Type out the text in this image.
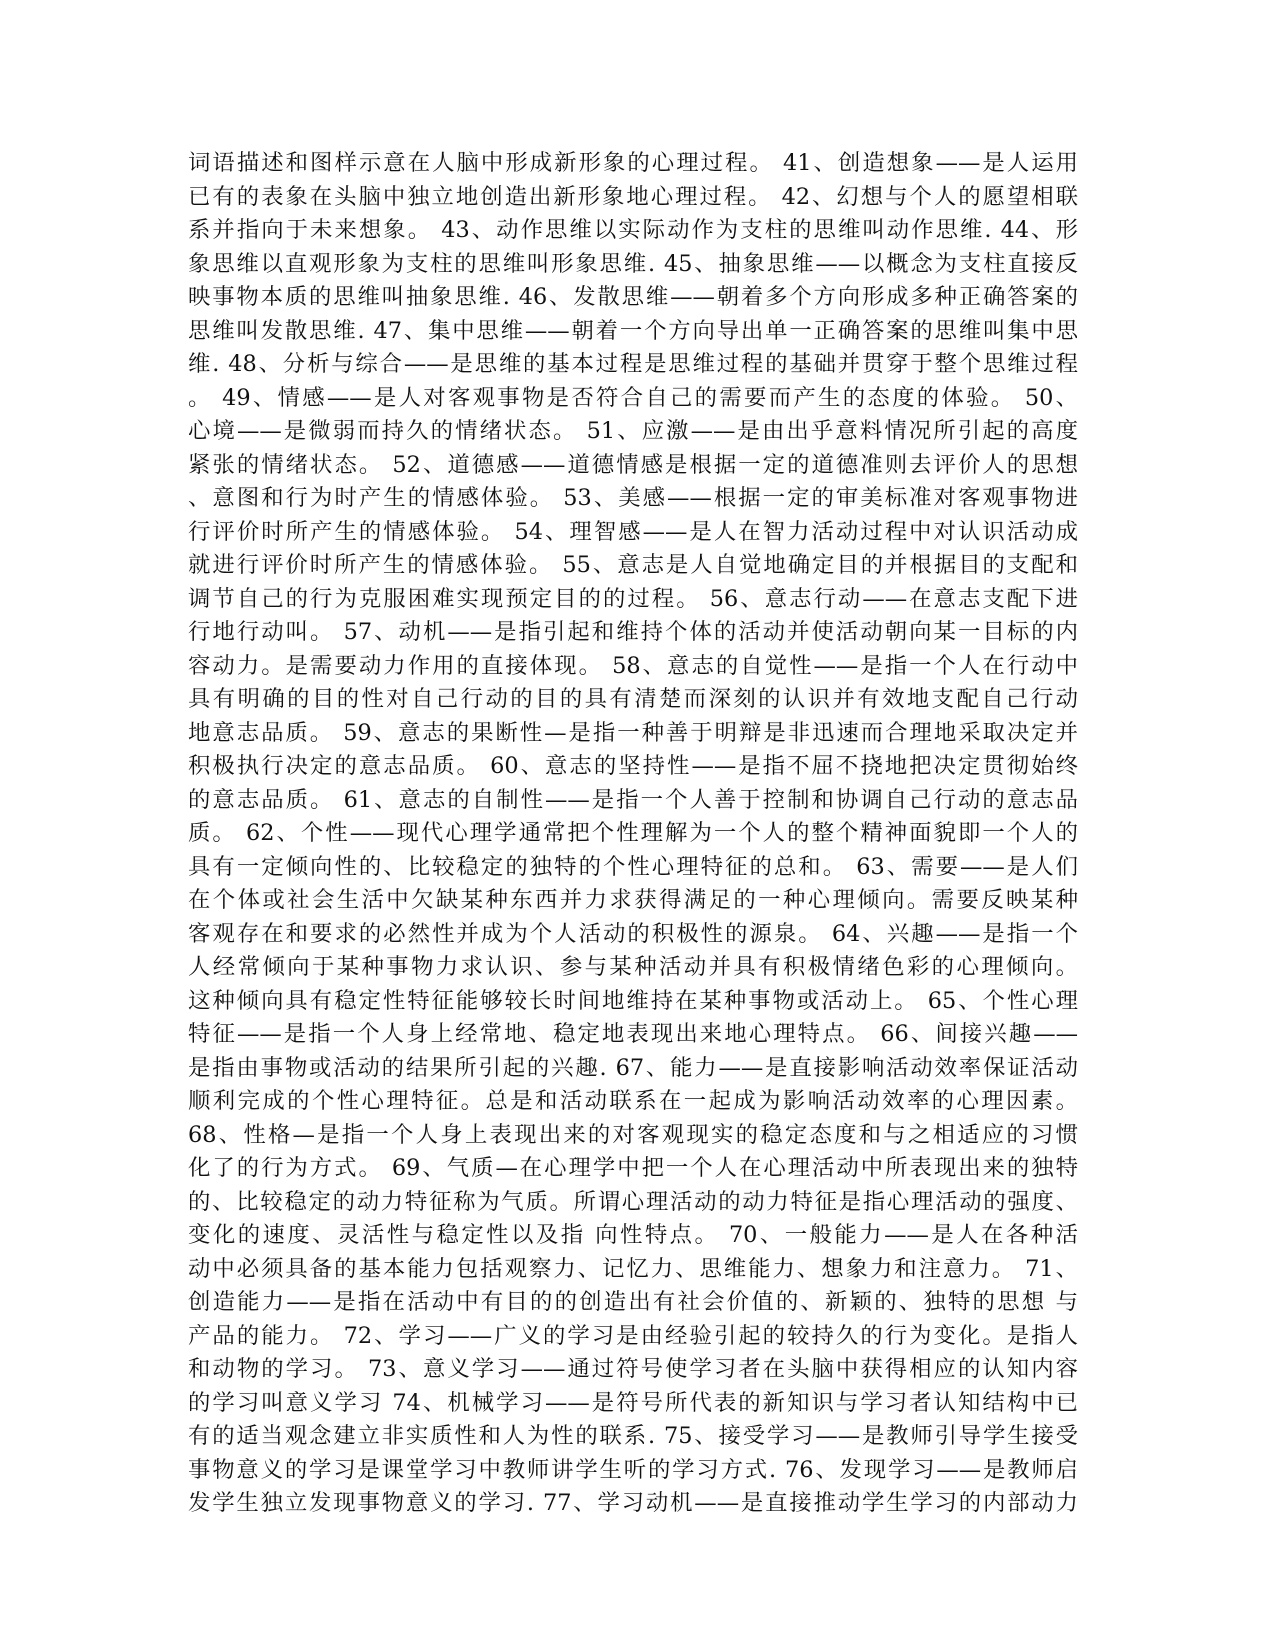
词语描述和图样示意在人脑中形成新形象的心理过程。 41、创造想象——是人运用
已有的表象在头脑中独立地创造出新形象地心理过程。 42、幻想与个人的愿望相联
系并指向于未来想象。 43、动作思维以实际动作为支柱的思维叫动作思维. 44、形
象思维以直观形象为支柱的思维叫形象思维. 45、抽象思维——以概念为支柱直接反
映事物本质的思维叫抽象思维. 46、发散思维——朝着多个方向形成多种正确答案的
思维叫发散思维. 47、集中思维——朝着一个方向导出单一正确答案的思维叫集中思
维. 48、分析与综合——是思维的基本过程是思维过程的基础并贯穿于整个思维过程
。 49、情感——是人对客观事物是否符合自己的需要而产生的态度的体验。 50、
心境——是微弱而持久的情绪状态。 51、应激——是由出乎意料情况所引起的高度
紧张的情绪状态。 52、道德感——道德情感是根据一定的道德准则去评价人的思想
、意图和行为时产生的情感体验。 53、美感——根据一定的审美标准对客观事物进
行评价时所产生的情感体验。 54、理智感——是人在智力活动过程中对认识活动成
就进行评价时所产生的情感体验。 55、意志是人自觉地确定目的并根据目的支配和
调节自己的行为克服困难实现预定目的的过程。 56、意志行动——在意志支配下进
行地行动叫。 57、动机——是指引起和维持个体的活动并使活动朝向某一目标的内
容动力。是需要动力作用的直接体现。 58、意志的自觉性——是指一个人在行动中
具有明确的目的性对自己行动的目的具有清楚而深刻的认识并有效地支配自己行动
地意志品质。 59、意志的果断性—是指一种善于明辩是非迅速而合理地采取决定并
积极执行决定的意志品质。 60、意志的坚持性——是指不屈不挠地把决定贯彻始终
的意志品质。 61、意志的自制性——是指一个人善于控制和协调自己行动的意志品
质。 62、个性——现代心理学通常把个性理解为一个人的整个精神面貌即一个人的
具有一定倾向性的、比较稳定的独特的个性心理特征的总和。 63、需要——是人们
在个体或社会生活中欠缺某种东西并力求获得满足的一种心理倾向。需要反映某种
客观存在和要求的必然性并成为个人活动的积极性的源泉。 64、兴趣——是指一个
人经常倾向于某种事物力求认识、参与某种活动并具有积极情绪色彩的心理倾向。
这种倾向具有稳定性特征能够较长时间地维持在某种事物或活动上。 65、个性心理
特征——是指一个人身上经常地、稳定地表现出来地心理特点。 66、间接兴趣——
是指由事物或活动的结果所引起的兴趣. 67、能力——是直接影响活动效率保证活动
顺利完成的个性心理特征。总是和活动联系在一起成为影响活动效率的心理因素。
68、性格—是指一个人身上表现出来的对客观现实的稳定态度和与之相适应的习惯
化了的行为方式。 69、气质—在心理学中把一个人在心理活动中所表现出来的独特
的、比较稳定的动力特征称为气质。所谓心理活动的动力特征是指心理活动的强度、
变化的速度、灵活性与稳定性以及指 向性特点。 70、一般能力——是人在各种活
动中必须具备的基本能力包括观察力、记忆力、思维能力、想象力和注意力。 71、
创造能力——是指在活动中有目的的创造出有社会价值的、新颖的、独特的思想 与
产品的能力。 72、学习——广义的学习是由经验引起的较持久的行为变化。是指人
和动物的学习。 73、意义学习——通过符号使学习者在头脑中获得相应的认知内容
的学习叫意义学习 74、机械学习——是符号所代表的新知识与学习者认知结构中已
有的适当观念建立非实质性和人为性的联系. 75、接受学习——是教师引导学生接受
事物意义的学习是课堂学习中教师讲学生听的学习方式. 76、发现学习——是教师启
发学生独立发现事物意义的学习. 77、学习动机——是直接推动学生学习的内部动力
